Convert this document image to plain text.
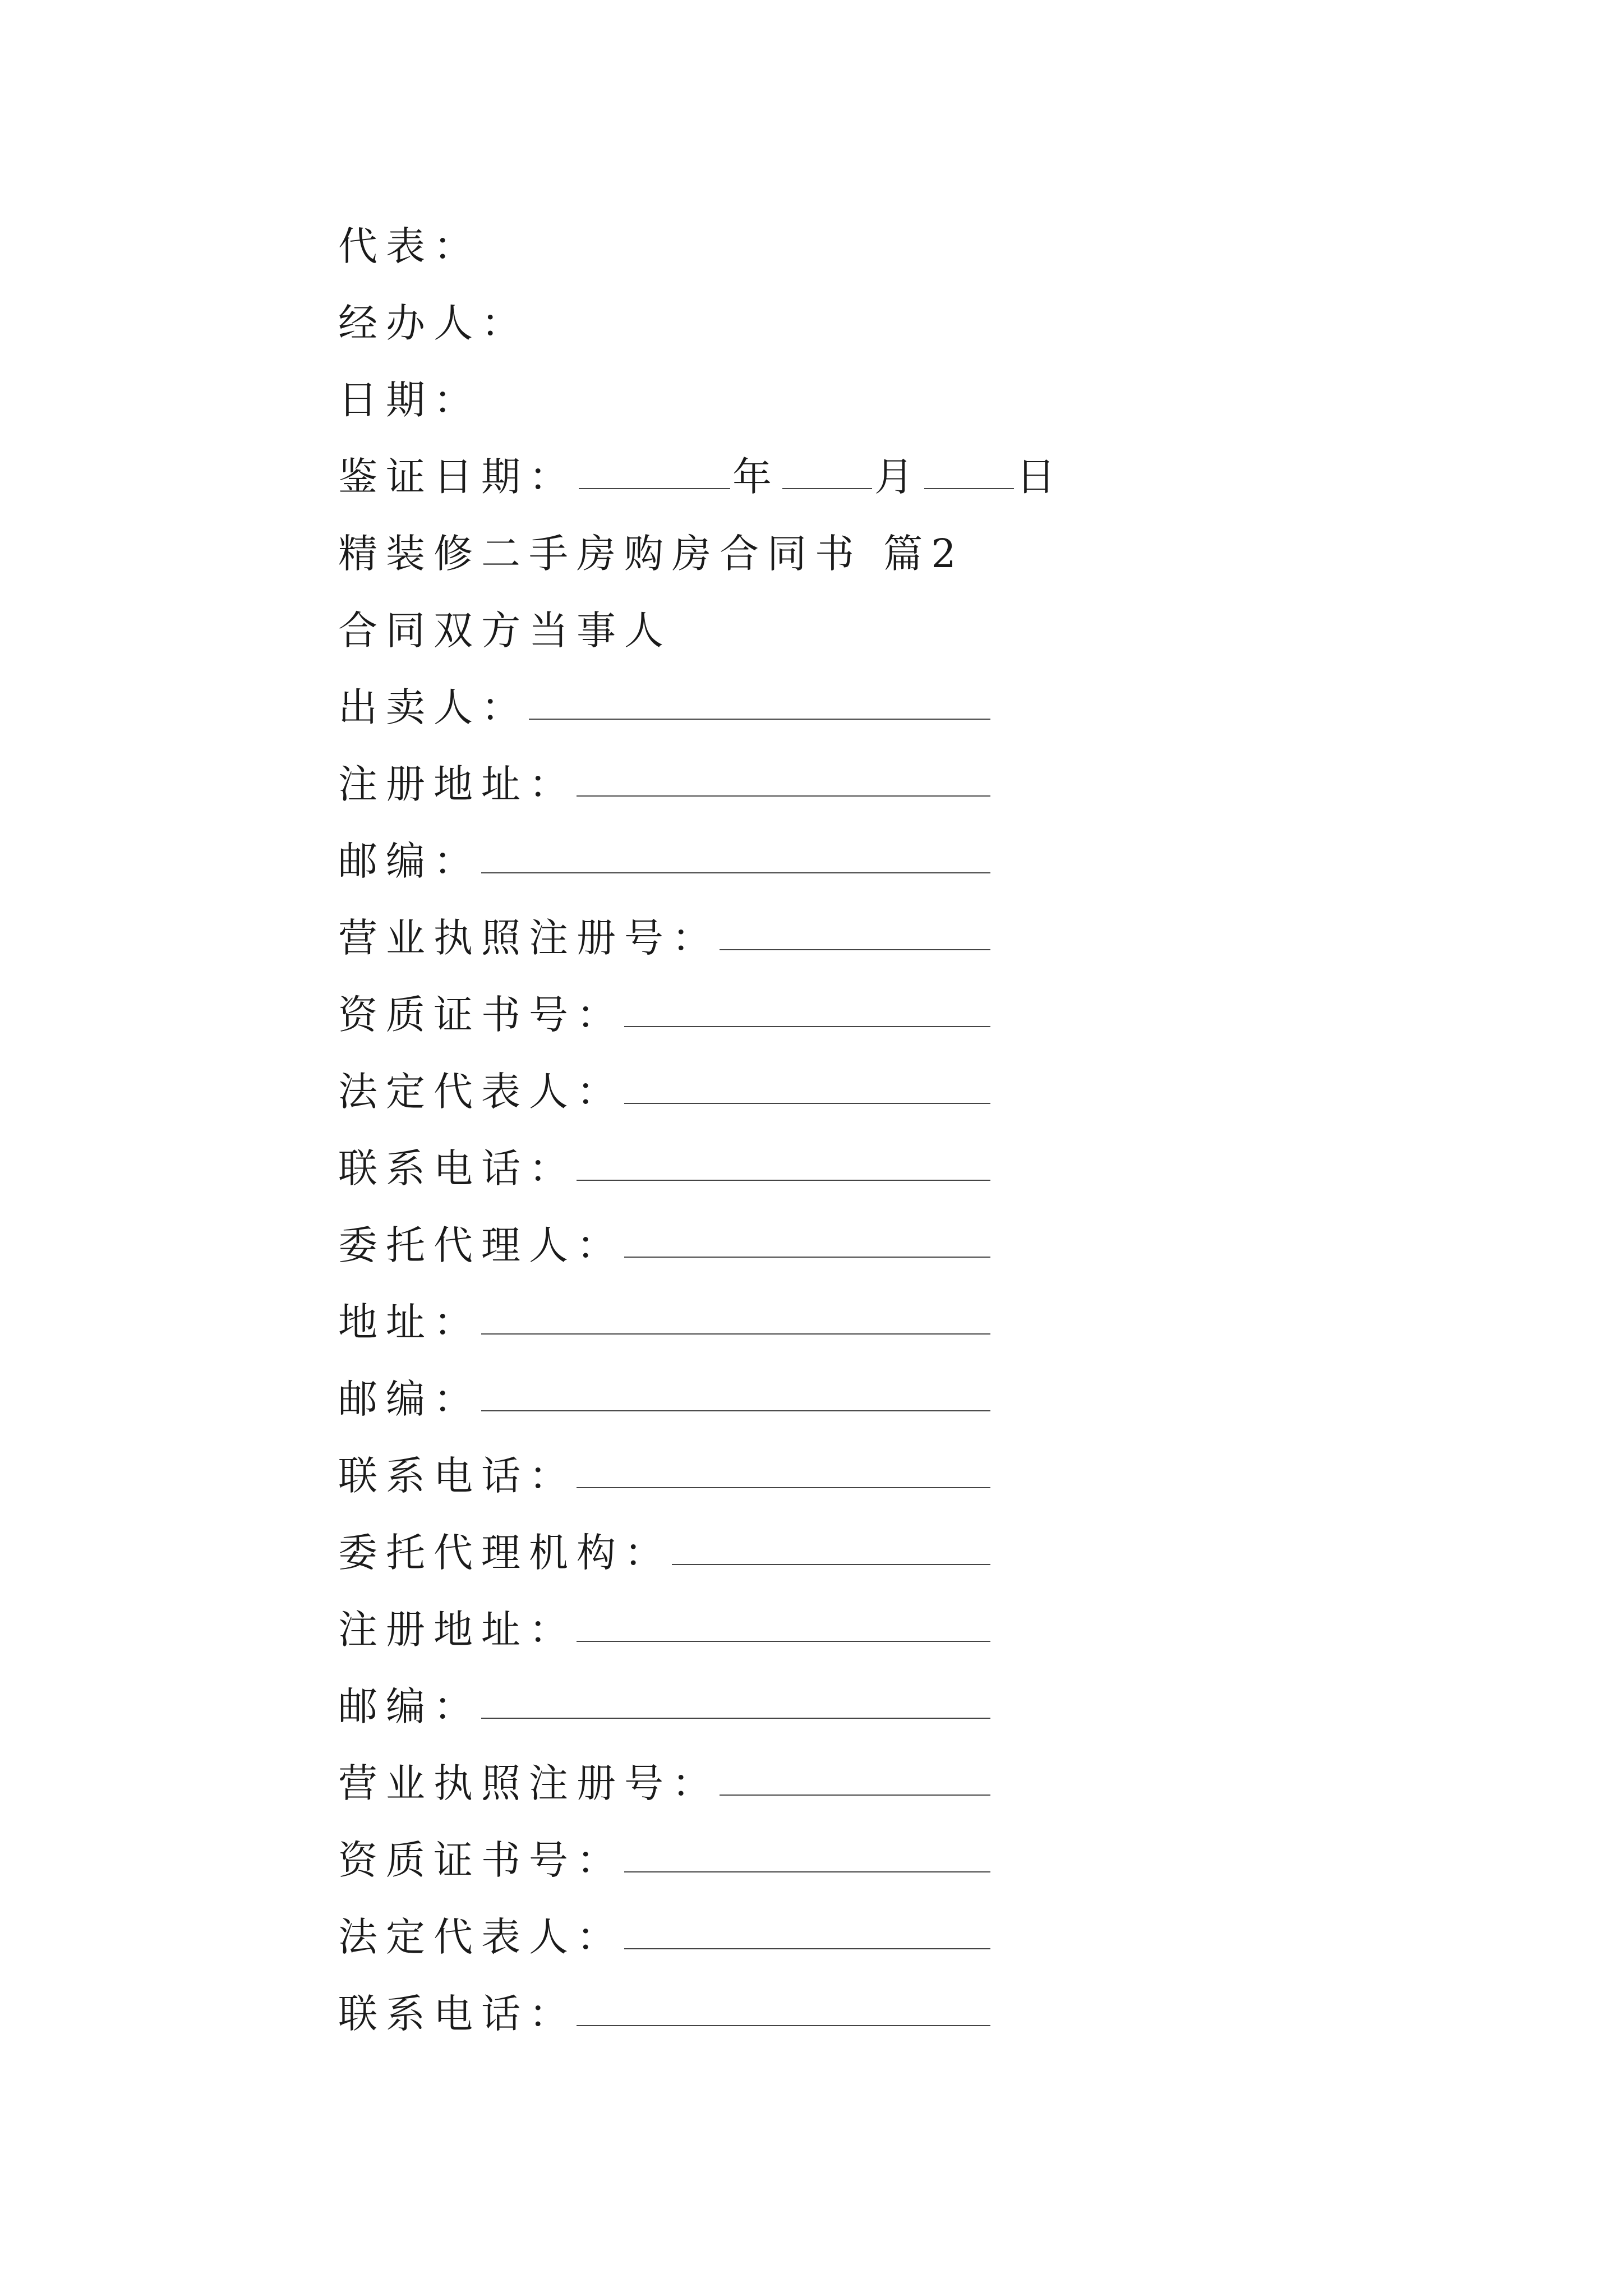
代表：
经办人：
日期：
鉴证日期：	年 月 日
精装修二手房购房合同书 篇2
合同双方当事人
出卖人：
注册地址：
邮编：
营业执照注册号：
资质证书号：
法定代表人：
联系电话：
委托代理人：
地址：
邮编：
联系电话：
委托代理机构：
注册地址：
邮编：
营业执照注册号：
资质证书号：
法定代表人：
联系电话：
